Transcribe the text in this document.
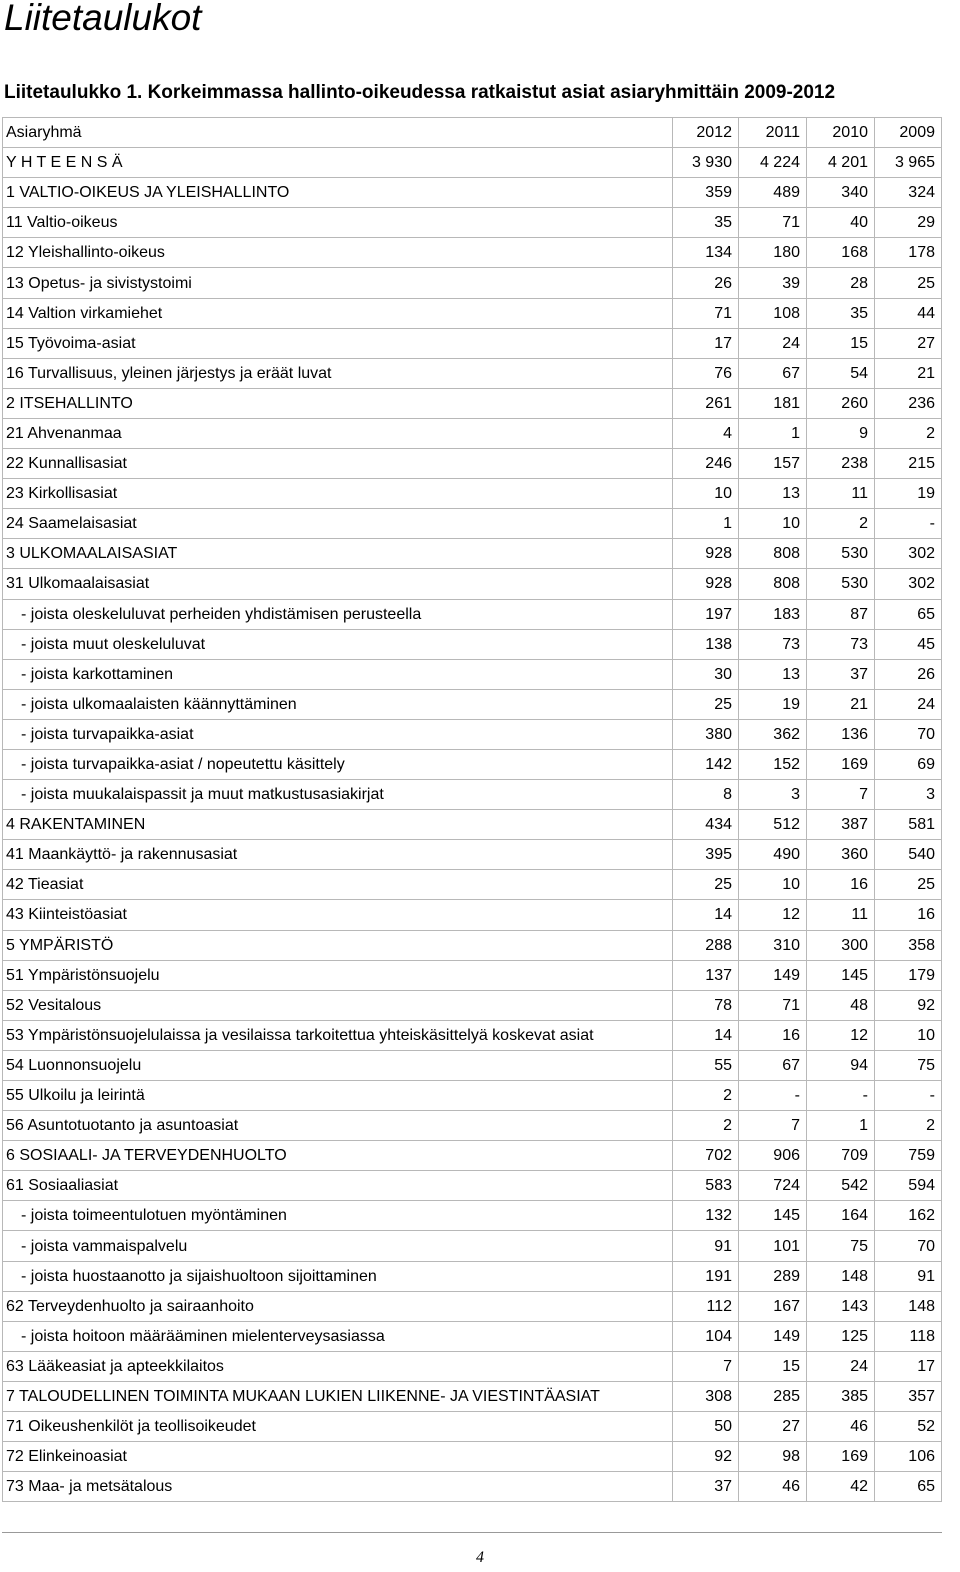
Liitetaulukot

Liitetaulukko 1. Korkeimmassa hallinto-oikeudessa ratkaistut asiat asiaryhmittäin 2009-2012

Asiaryhmä	2012	2011	2010	2009
Y H T E E N S Ä	3 930	4 224	4 201	3 965
1 VALTIO-OIKEUS JA YLEISHALLINTO	359	489	340	324
11 Valtio-oikeus	35	71	40	29
12 Yleishallinto-oikeus	134	180	168	178
13 Opetus- ja sivistystoimi	26	39	28	25
14 Valtion virkamiehet	71	108	35	44
15 Työvoima-asiat	17	24	15	27
16 Turvallisuus, yleinen järjestys ja eräät luvat	76	67	54	21
2 ITSEHALLINTO	261	181	260	236
21 Ahvenanmaa	4	1	9	2
22 Kunnallisasiat	246	157	238	215
23 Kirkollisasiat	10	13	11	19
24 Saamelaisasiat	1	10	2	-
3 ULKOMAALAISASIAT	928	808	530	302
31 Ulkomaalaisasiat	928	808	530	302
- joista oleskeluluvat perheiden yhdistämisen perusteella	197	183	87	65
- joista muut oleskeluluvat	138	73	73	45
- joista karkottaminen	30	13	37	26
- joista ulkomaalaisten käännyttäminen	25	19	21	24
- joista turvapaikka-asiat	380	362	136	70
- joista turvapaikka-asiat / nopeutettu käsittely	142	152	169	69
- joista muukalaispassit ja muut matkustusasiakirjat	8	3	7	3
4 RAKENTAMINEN	434	512	387	581
41 Maankäyttö- ja rakennusasiat	395	490	360	540
42 Tieasiat	25	10	16	25
43 Kiinteistöasiat	14	12	11	16
5 YMPÄRISTÖ	288	310	300	358
51 Ympäristönsuojelu	137	149	145	179
52 Vesitalous	78	71	48	92
53 Ympäristönsuojelulaissa ja vesilaissa tarkoitettua yhteiskäsittelyä koskevat asiat	14	16	12	10
54 Luonnonsuojelu	55	67	94	75
55 Ulkoilu ja leirintä	2	-	-	-
56 Asuntotuotanto ja asuntoasiat	2	7	1	2
6 SOSIAALI- JA TERVEYDENHUOLTO	702	906	709	759
61 Sosiaaliasiat	583	724	542	594
- joista toimeentulotuen myöntäminen	132	145	164	162
- joista vammaispalvelu	91	101	75	70
- joista huostaanotto ja sijaishuoltoon sijoittaminen	191	289	148	91
62 Terveydenhuolto ja sairaanhoito	112	167	143	148
- joista hoitoon määrääminen mielenterveysasiassa	104	149	125	118
63 Lääkeasiat ja apteekkilaitos	7	15	24	17
7 TALOUDELLINEN TOIMINTA MUKAAN LUKIEN LIIKENNE- JA VIESTINTÄASIAT	308	285	385	357
71 Oikeushenkilöt ja teollisoikeudet	50	27	46	52
72 Elinkeinoasiat	92	98	169	106
73 Maa- ja metsätalous	37	46	42	65
4
